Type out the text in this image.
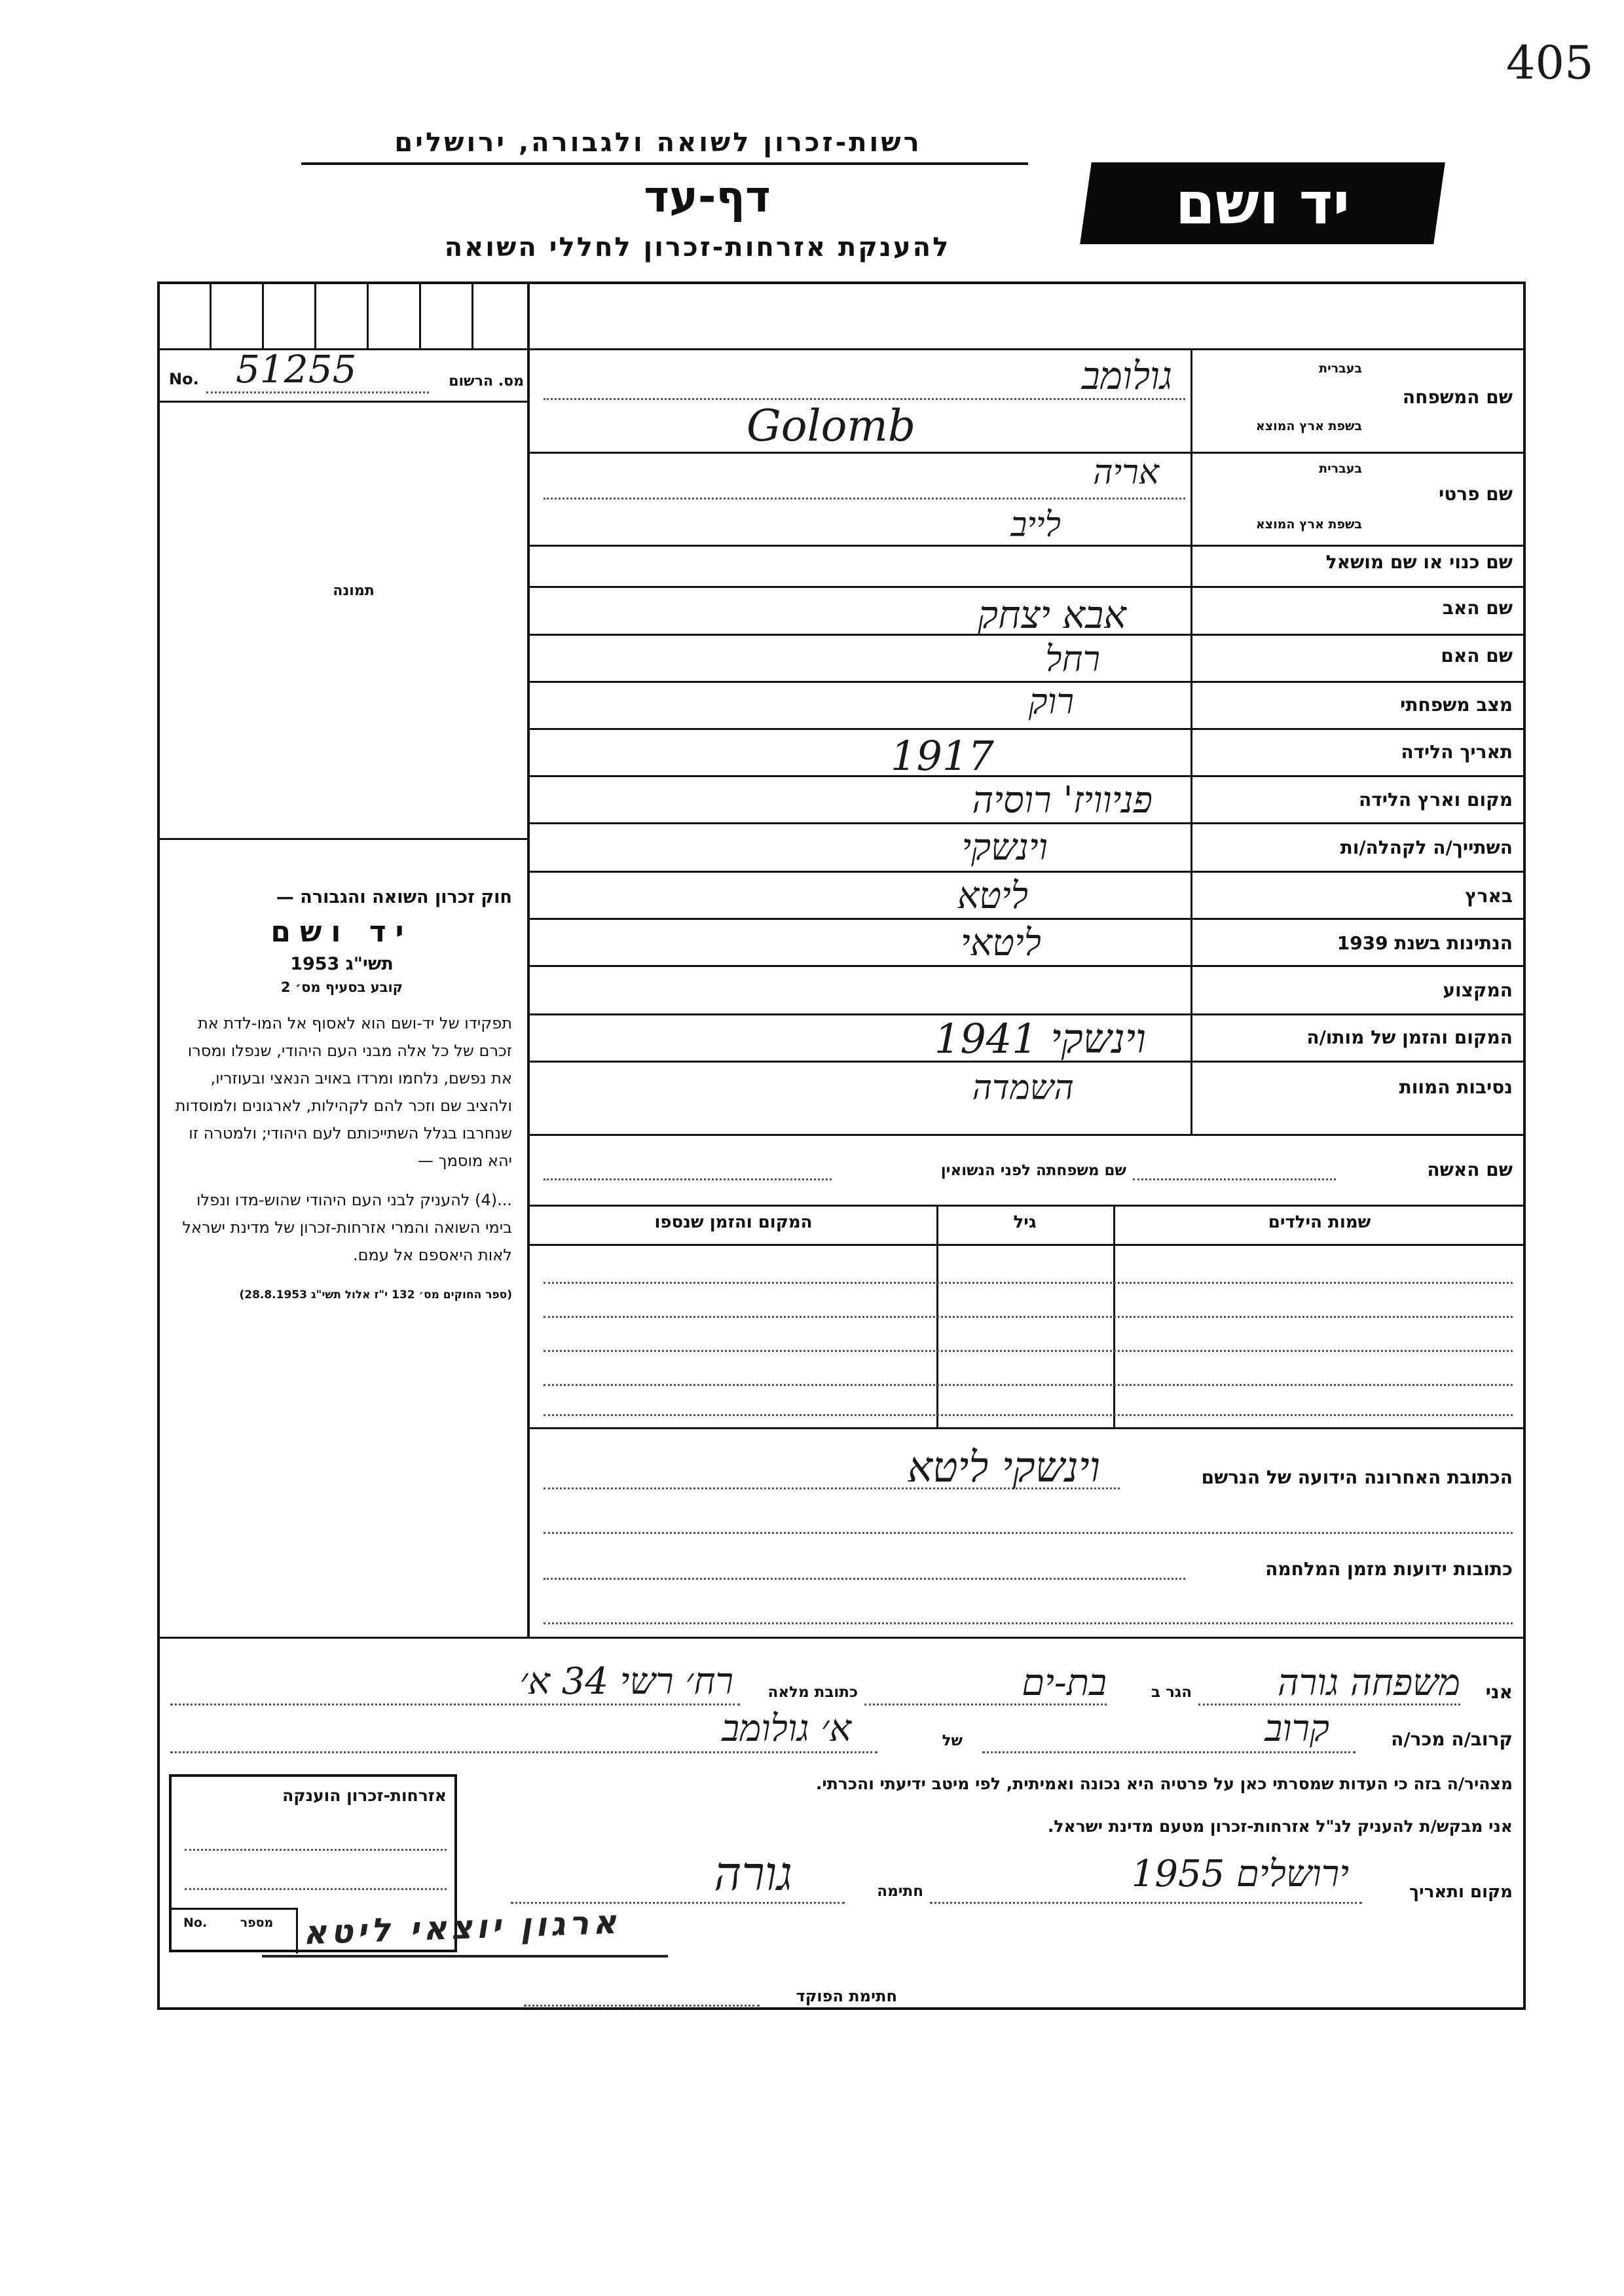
405
רשות-זכרון לשואה ולגבורה, ירושלים
דף-עד
להענקת אזרחות-זכרון לחללי השואה
יד ושם
No. 51255	מס. הרשום
תמונה

חוק זכרון השואה והגבורה —

יד ושם

תשי"ג 1953

קובע בסעיף מס׳ 2

תפקידו של יד-ושם הוא לאסוף אל המו-לדת את זכרם של כל אלה מבני העם היהודי, שנפלו ומסרו את נפשם, נלחמו ומרדו באויב הנאצי ובעוזריו, ולהציב שם וזכר להם לקהילות, לארגונים ולמוסדות שנחרבו בגלל השתייכותם לעם היהודי; ולמטרה זו יהא מוסמך —

...(4) להעניק לבני העם היהודי שהוש-מדו ונפלו בימי השואה והמרי אזרחות-זכרון של מדינת ישראל לאות היאספם אל עמם.

(ספר החוקים מס׳ 132 י"ז אלול תשי"ג 28.8.1953)

שם המשפחה
בעברית
בשפת ארץ המוצא
גולומב
Golomb
שם פרטי
בעברית
בשפת ארץ המוצא
אריה
לייב
שם כנוי או שם מושאל
שם האב
אבא יצחק
שם האם
רחל
מצב משפחתי
רוק
תאריך הלידה
1917
מקום וארץ הלידה
פניוויז' רוסיה
השתייך/ה לקהלה/ות
וינשקי
בארץ
ליטא
הנתינות בשנת 1939
ליטאי
המקצוע
המקום והזמן של מותו/ה
וינשקי 1941
נסיבות המוות
השמדה
שם האשה
שם משפחתה לפני הנשואין
שמות הילדים
גיל
המקום והזמן שנספו
הכתובת האחרונה הידועה של הנרשם
וינשקי ליטא
כתובות ידועות מזמן המלחמה
אני
משפחה גורה
הגר ב
בת-ים
כתובת מלאה
רח׳ רשי 34 א׳
קרוב/ה מכר/ה
קרוב
של
א׳ גולומב
אזרחות-זכרון הוענקה
No.	מספר
מצהיר/ה בזה כי העדות שמסרתי כאן על פרטיה היא נכונה ואמיתית, לפי מיטב ידיעתי והכרתי.
אני מבקש/ת להעניק לנ"ל אזרחות-זכרון מטעם מדינת ישראל.
מקום ותאריך
ירושלים 1955
חתימה
גורה
ארגון יוצאי ליטא
חתימת הפוקד
